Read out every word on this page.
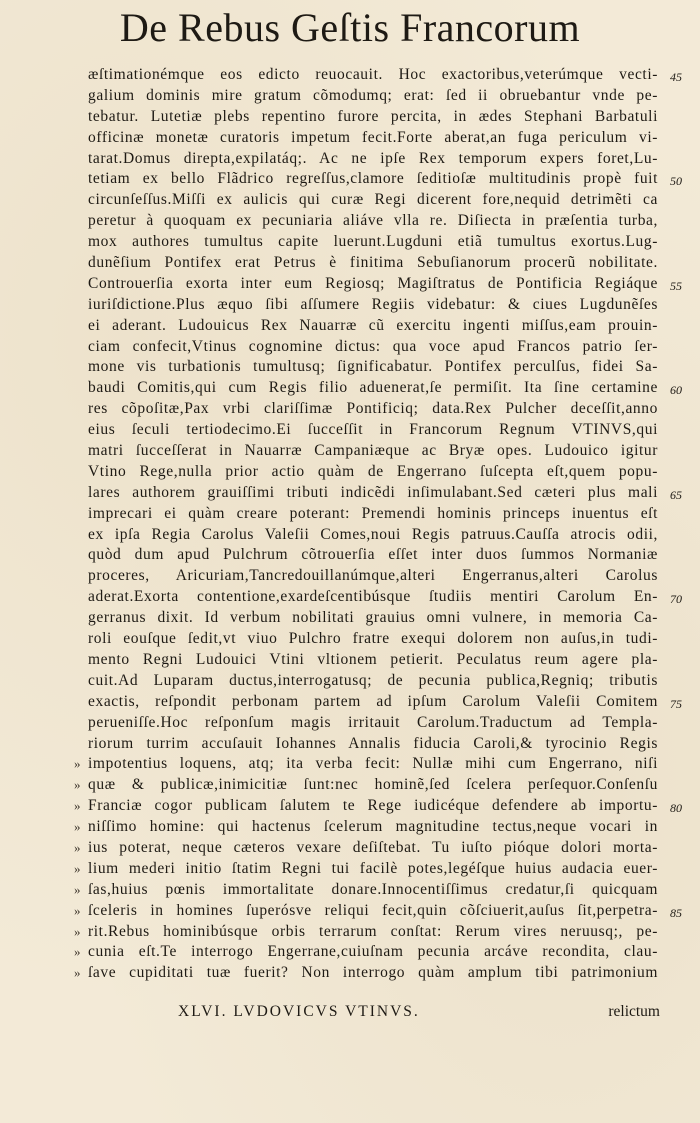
De Rebus Geſtis Francorum
æſtimationémque eos edicto reuocauit. Hoc exactoribus,veterúmque vecti- 45
galium dominis mire gratum cõmodumq; erat: ſed ii obruebantur vnde pe-
tebatur. Lutetiæ plebs repentino furore percita, in ædes Stephani Barbatuli
officinæ monetæ curatoris impetum fecit.Forte aberat,an fuga periculum vi-
tarat.Domus direpta,expilatáq;. Ac ne ipſe Rex temporum expers foret,Lu-
tetiam ex bello Flãdrico regreſſus,clamore ſeditioſæ multitudinis propè fuit 50
circunſeſſus.Miſſi ex aulicis qui curæ Regi dicerent fore,nequid detrimẽti ca
peretur à quoquam ex pecuniaria aliáve vlla re. Diſiecta in præſentia turba,
mox authores tumultus capite luerunt.Lugduni etiã tumultus exortus.Lug-
dunẽſium Pontifex erat Petrus è finitima Sebuſianorum procerũ nobilitate.
Controuerſia exorta inter eum Regiosq; Magiſtratus de Pontificia Regiáque 55
iuriſdictione.Plus æquo ſibi aſſumere Regiis videbatur: & ciues Lugdunẽſes
ei aderant. Ludouicus Rex Nauarræ cũ exercitu ingenti miſſus,eam prouin-
ciam confecit,Vtinus cognomine dictus: qua voce apud Francos patrio ſer-
mone vis turbationis tumultusq; ſignificabatur. Pontifex perculſus, fidei Sa-
baudi Comitis,qui cum Regis filio aduenerat,ſe permiſit. Ita ſine certamine 60
res cõpoſitæ,Pax vrbi clariſſimæ Pontificiq; data.Rex Pulcher deceſſit,anno
eius ſeculi tertiodecimo.Ei ſucceſſit in Francorum Regnum VTINVS,qui
matri ſucceſſerat in Nauarræ Campaniæque ac Bryæ opes. Ludouico igitur
Vtino Rege,nulla prior actio quàm de Engerrano ſuſcepta eſt,quem popu-
lares authorem grauiſſimi tributi indicẽdi inſimulabant.Sed cæteri plus mali 65
imprecari ei quàm creare poterant: Premendi hominis princeps inuentus eſt
ex ipſa Regia Carolus Valeſii Comes,noui Regis patruus.Cauſſa atrocis odii,
quòd dum apud Pulchrum cõtrouerſia eſſet inter duos ſummos Normaniæ
proceres, Aricuriam,Tancredouillanúmque,alteri Engerranus,alteri Carolus
aderat.Exorta contentione,exardeſcentibúsque ſtudiis mentiri Carolum En- 70
gerranus dixit. Id verbum nobilitati grauius omni vulnere, in memoria Ca-
roli eouſque ſedit,vt viuo Pulchro fratre exequi dolorem non auſus,in tudi-
mento Regni Ludouici Vtini vltionem petierit. Peculatus reum agere pla-
cuit.Ad Luparam ductus,interrogatusq; de pecunia publica,Regniq; tributis
exactis, reſpondit perbonam partem ad ipſum Carolum Valeſii Comitem 75
perueniſſe.Hoc reſponſum magis irritauit Carolum.Traductum ad Templa-
riorum turrim accuſauit Iohannes Annalis fiducia Caroli,& tyrocinio Regis
» impotentius loquens, atq; ita verba fecit: Nullæ mihi cum Engerrano, niſi
» quæ & publicæ,inimicitiæ ſunt:nec hominẽ,ſed ſcelera perſequor.Conſenſu
» Franciæ cogor publicam ſalutem te Rege iudicéque defendere ab importu- 80
» niſſimo homine: qui hactenus ſcelerum magnitudine tectus,neque vocari in
» ius poterat, neque cæteros vexare deſiſtebat. Tu iuſto pióque dolori morta-
» lium mederi initio ſtatim Regni tui facilè potes,legéſque huius audacia euer-
» ſas,huius pœnis immortalitate donare.Innocentiſſimus credatur,ſi quicquam
» ſceleris in homines ſuperósve reliqui fecit,quin cõſciuerit,auſus ſit,perpetra- 85
» rit.Rebus hominibúsque orbis terrarum conſtat: Rerum vires neruusq;, pe-
» cunia eſt.Te interrogo Engerrane,cuiuſnam pecunia arcáve recondita, clau-
» ſave cupiditati tuæ fuerit? Non interrogo quàm amplum tibi patrimonium
XLVI. LVDOVICVS VTINVS.	relictum
